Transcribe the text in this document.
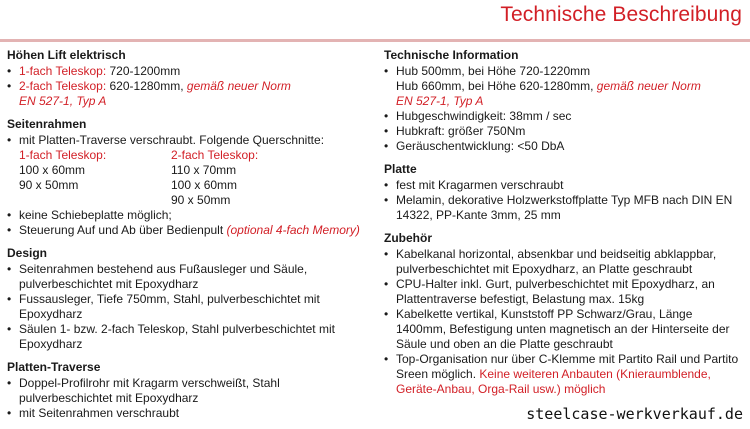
Technische Beschreibung
Höhen Lift elektrisch
• 1-fach Teleskop: 720-1200mm
• 2-fach Teleskop: 620-1280mm, gemäß neuer Norm
EN 527-1, Typ A
Seitenrahmen
• mit Platten-Traverse verschraubt. Folgende Querschnitte:
1-fach Teleskop:	2-fach Teleskop:
100 x 60mm	110 x 70mm
90 x 50mm	100 x 60mm
	90 x 50mm
• keine Schiebeplatte möglich;
• Steuerung Auf und Ab über Bedienpult (optional 4-fach Memory)
Design
• Seitenrahmen bestehend aus Fußausleger und Säule, pulverbeschichtet mit Epoxydharz
• Fussausleger, Tiefe 750mm, Stahl, pulverbeschichtet mit Epoxydharz
• Säulen 1- bzw. 2-fach Teleskop, Stahl pulverbeschichtet mit Epoxydharz
Platten-Traverse
• Doppel-Profilrohr mit Kragarm verschweißt, Stahl pulverbeschichtet mit Epoxydharz
• mit Seitenrahmen verschraubt
Technische Information
• Hub 500mm, bei Höhe 720-1220mm
Hub 660mm, bei Höhe 620-1280mm, gemäß neuer Norm
EN 527-1, Typ A
• Hubgeschwindigkeit: 38mm / sec
• Hubkraft: größer 750Nm
• Geräuschentwicklung: <50 DbA
Platte
• fest mit Kragarmen verschraubt
• Melamin, dekorative Holzwerkstoffplatte Typ MFB nach DIN EN 14322, PP-Kante 3mm, 25 mm
Zubehör
• Kabelkanal horizontal, absenkbar und beidseitig abklappbar, pulverbeschichtet mit Epoxydharz, an Platte geschraubt
• CPU-Halter inkl. Gurt, pulverbeschichtet mit Epoxydharz, an Plattentraverse befestigt, Belastung max. 15kg
• Kabelkette vertikal, Kunststoff PP Schwarz/Grau, Länge 1400mm, Befestigung unten magnetisch an der Hinterseite der Säule und oben an die Platte geschraubt
• Top-Organisation nur über C-Klemme mit Partito Rail und Partito Sreen möglich. Keine weiteren Anbauten (Knieraumblende, Geräte-Anbau, Orga-Rail usw.) möglich
steelcase-werkverkauf.de
